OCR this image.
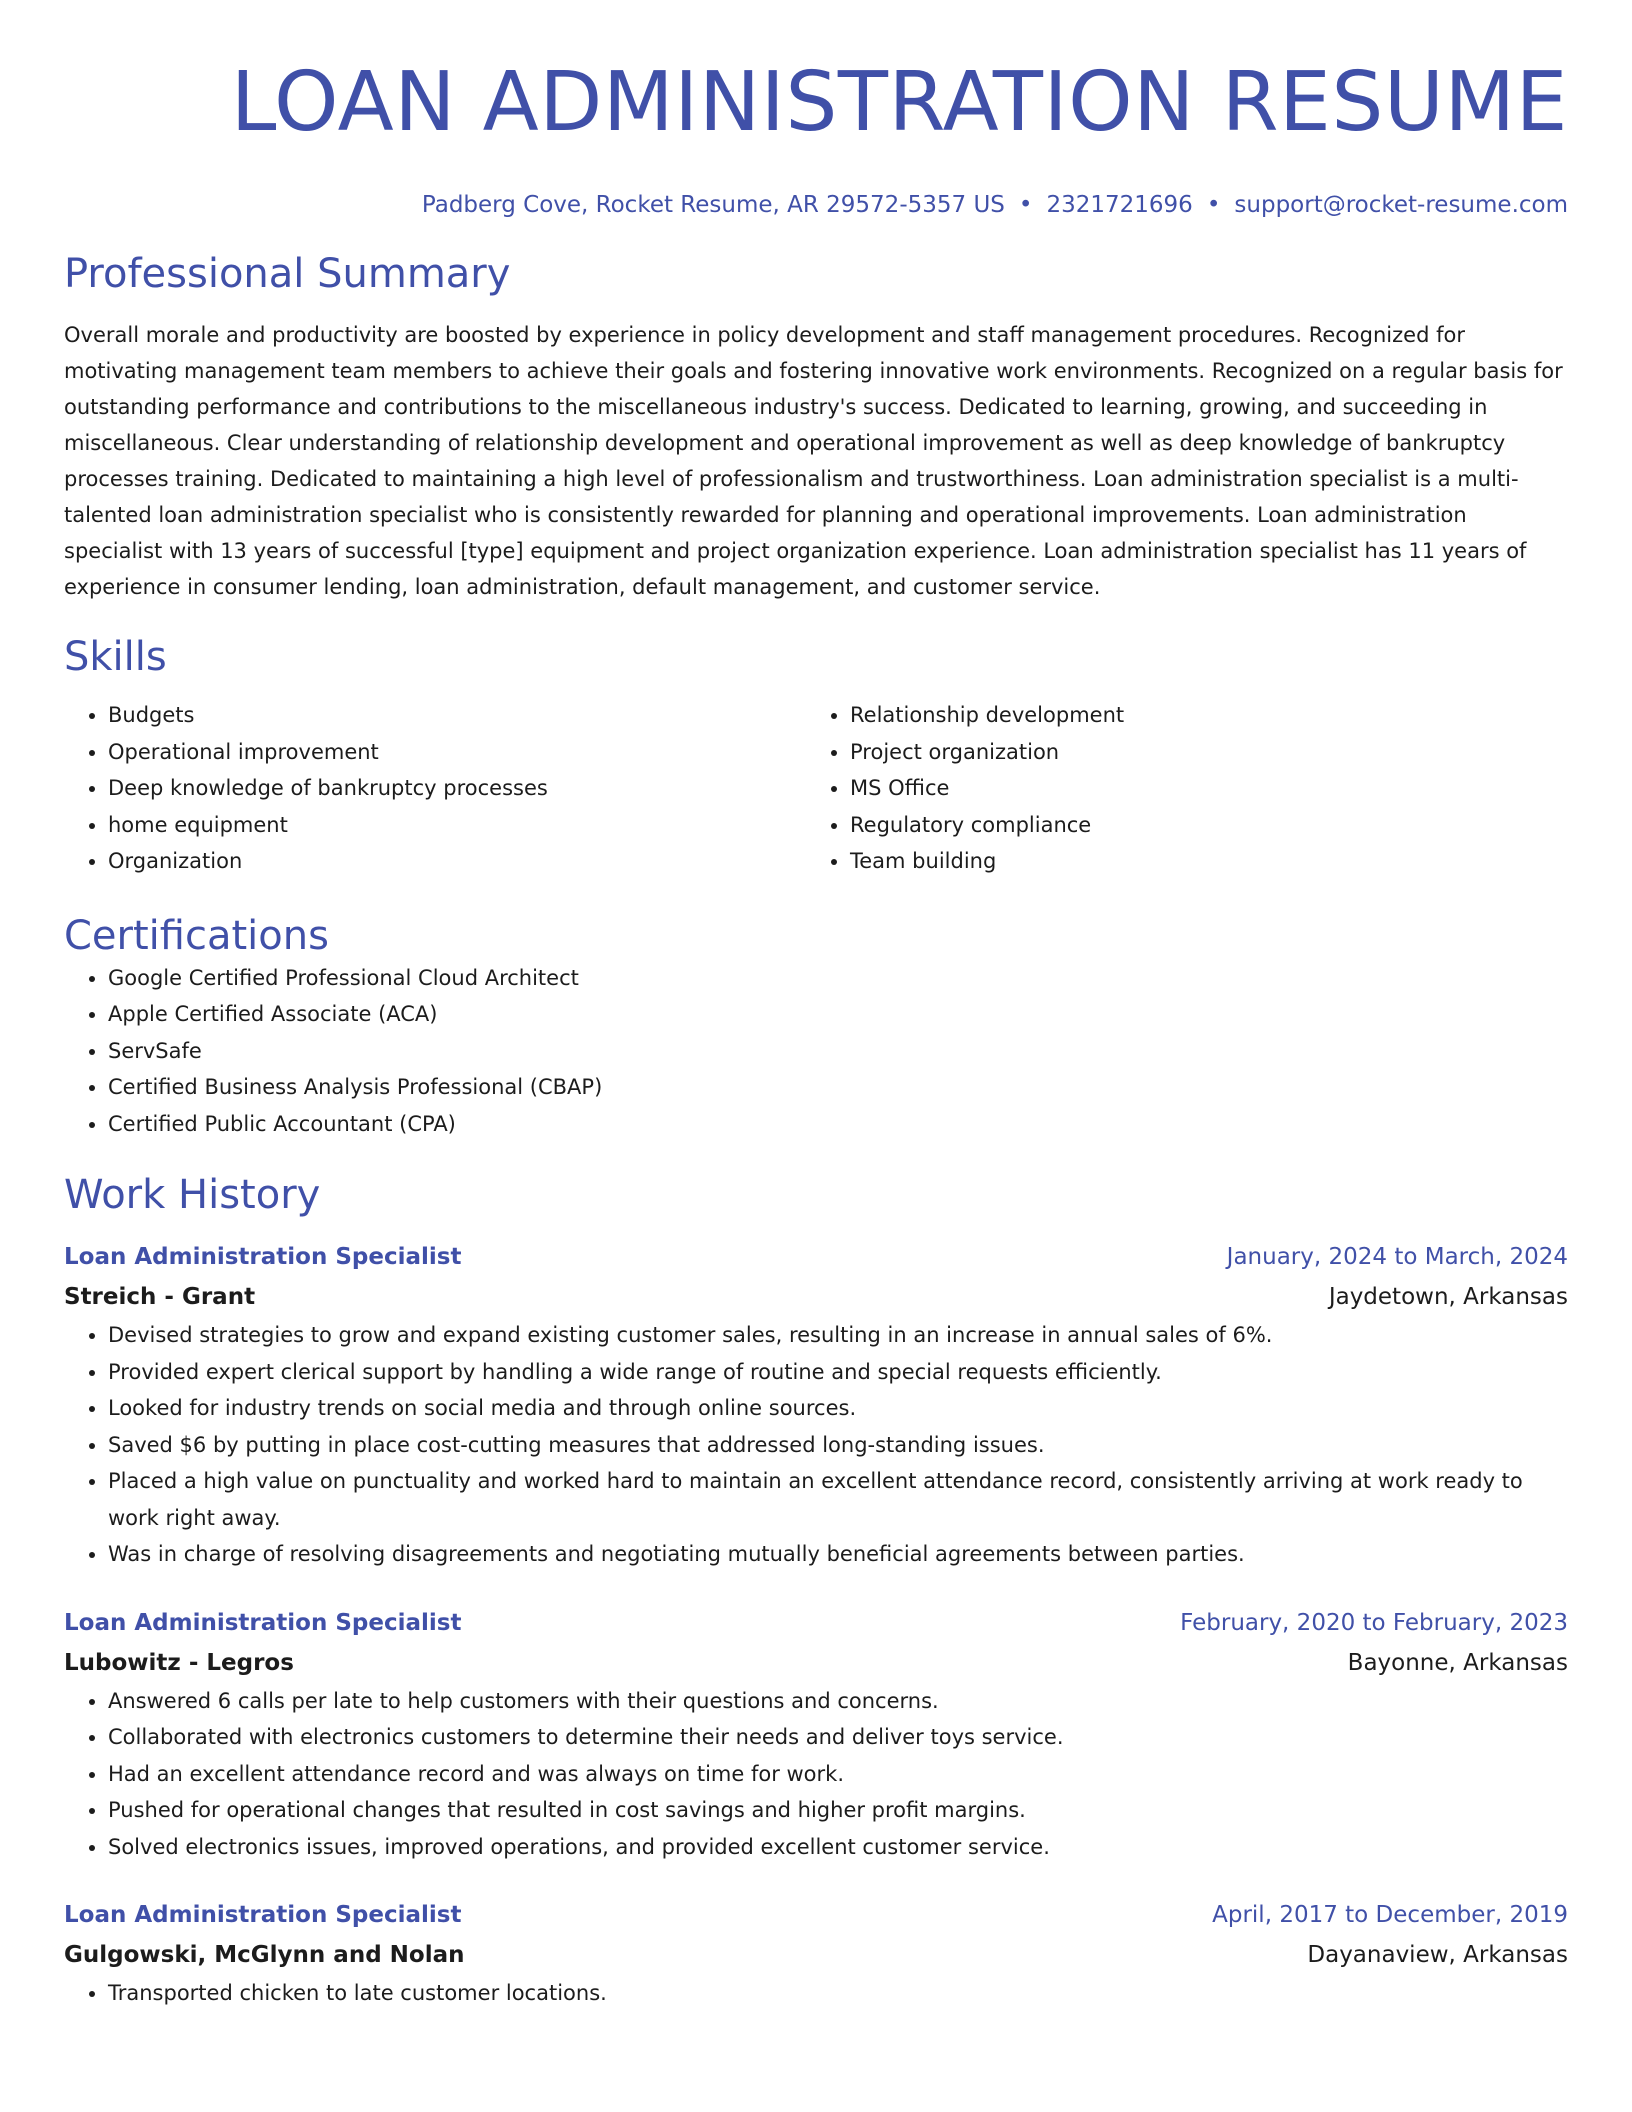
LOAN ADMINISTRATION RESUME
Padberg Cove, Rocket Resume, AR 29572-5357 US • 2321721696 • support@rocket-resume.com
Professional Summary

Overall morale and productivity are boosted by experience in policy development and staff management procedures. Recognized for motivating management team members to achieve their goals and fostering innovative work environments. Recognized on a regular basis for outstanding performance and contributions to the miscellaneous industry's success. Dedicated to learning, growing, and succeeding in miscellaneous. Clear understanding of relationship development and operational improvement as well as deep knowledge of bankruptcy processes training. Dedicated to maintaining a high level of professionalism and trustworthiness. Loan administration specialist is a multi-talented loan administration specialist who is consistently rewarded for planning and operational improvements. Loan administration specialist with 13 years of successful [type] equipment and project organization experience. Loan administration specialist has 11 years of experience in consumer lending, loan administration, default management, and customer service.

Skills
• Budgets
• Operational improvement
• Deep knowledge of bankruptcy processes
• home equipment
• Organization
• Relationship development
• Project organization
• MS Office
• Regulatory compliance
• Team building
Certifications
• Google Certified Professional Cloud Architect
• Apple Certified Associate (ACA)
• ServSafe
• Certified Business Analysis Professional (CBAP)
• Certified Public Accountant (CPA)
Work History
Loan Administration Specialist	January, 2024 to March, 2024
Streich - Grant	Jaydetown, Arkansas
• Devised strategies to grow and expand existing customer sales, resulting in an increase in annual sales of 6%.
• Provided expert clerical support by handling a wide range of routine and special requests efficiently.
• Looked for industry trends on social media and through online sources.
• Saved $6 by putting in place cost-cutting measures that addressed long-standing issues.
• Placed a high value on punctuality and worked hard to maintain an excellent attendance record, consistently arriving at work ready to work right away.
• Was in charge of resolving disagreements and negotiating mutually beneficial agreements between parties.
Loan Administration Specialist	February, 2020 to February, 2023
Lubowitz - Legros	Bayonne, Arkansas
• Answered 6 calls per late to help customers with their questions and concerns.
• Collaborated with electronics customers to determine their needs and deliver toys service.
• Had an excellent attendance record and was always on time for work.
• Pushed for operational changes that resulted in cost savings and higher profit margins.
• Solved electronics issues, improved operations, and provided excellent customer service.
Loan Administration Specialist	April, 2017 to December, 2019
Gulgowski, McGlynn and Nolan	Dayanaview, Arkansas
• Transported chicken to late customer locations.
